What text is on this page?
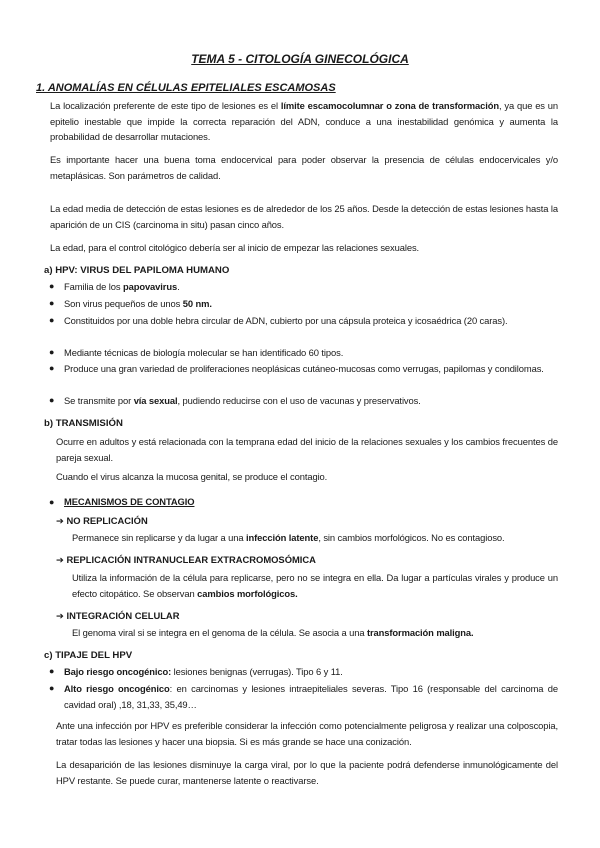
TEMA 5 - CITOLOGÍA GINECOLÓGICA
1. ANOMALÍAS EN CÉLULAS EPITELIALES ESCAMOSAS
La localización preferente de este tipo de lesiones es el límite escamocolumnar o zona de transformación, ya que es un epitelio inestable que impide la correcta reparación del ADN, conduce a una inestabilidad genómica y aumenta la probabilidad de desarrollar mutaciones.
Es importante hacer una buena toma endocervical para poder observar la presencia de células endocervicales y/o metaplásicas. Son parámetros de calidad.
La edad media de detección de estas lesiones es de alrededor de los 25 años. Desde la detección de estas lesiones hasta la aparición de un CIS (carcinoma in situ) pasan cinco años.
La edad, para el control citológico debería ser al inicio de empezar las relaciones sexuales.
a) HPV: VIRUS DEL PAPILOMA HUMANO
● Familia de los papovavirus.
● Son virus pequeños de unos 50 nm.
● Constituidos por una doble hebra circular de ADN, cubierto por una cápsula proteica y icosaédrica (20 caras).
● Mediante técnicas de biología molecular se han identificado 60 tipos.
● Produce una gran variedad de proliferaciones neoplásicas cutáneo-mucosas como verrugas, papilomas y condilomas.
● Se transmite por vía sexual, pudiendo reducirse con el uso de vacunas y preservativos.
b) TRANSMISIÓN
Ocurre en adultos y está relacionada con la temprana edad del inicio de la relaciones sexuales y los cambios frecuentes de pareja sexual.
Cuando el virus alcanza la mucosa genital, se produce el contagio.
● MECANISMOS DE CONTAGIO
➔ NO REPLICACIÓN
Permanece sin replicarse y da lugar a una infección latente, sin cambios morfológicos. No es contagioso.
➔ REPLICACIÓN INTRANUCLEAR EXTRACROMOSÓMICA
Utiliza la información de la célula para replicarse, pero no se integra en ella. Da lugar a partículas virales y produce un efecto citopático. Se observan cambios morfológicos.
➔ INTEGRACIÓN CELULAR
El genoma viral si se integra en el genoma de la célula. Se asocia a una transformación maligna.
c) TIPAJE DEL HPV
● Bajo riesgo oncogénico: lesiones benignas (verrugas). Tipo 6 y 11.
● Alto riesgo oncogénico: en carcinomas y lesiones intraepiteliales severas. Tipo 16 (responsable del carcinoma de cavidad oral) ,18, 31,33, 35,49…
Ante una infección por HPV es preferible considerar la infección como potencialmente peligrosa y realizar una colposcopia, tratar todas las lesiones y hacer una biopsia. Si es más grande se hace una conización.
La desaparición de las lesiones disminuye la carga viral, por lo que la paciente podrá defenderse inmunológicamente del HPV restante. Se puede curar, mantenerse latente o reactivarse.
